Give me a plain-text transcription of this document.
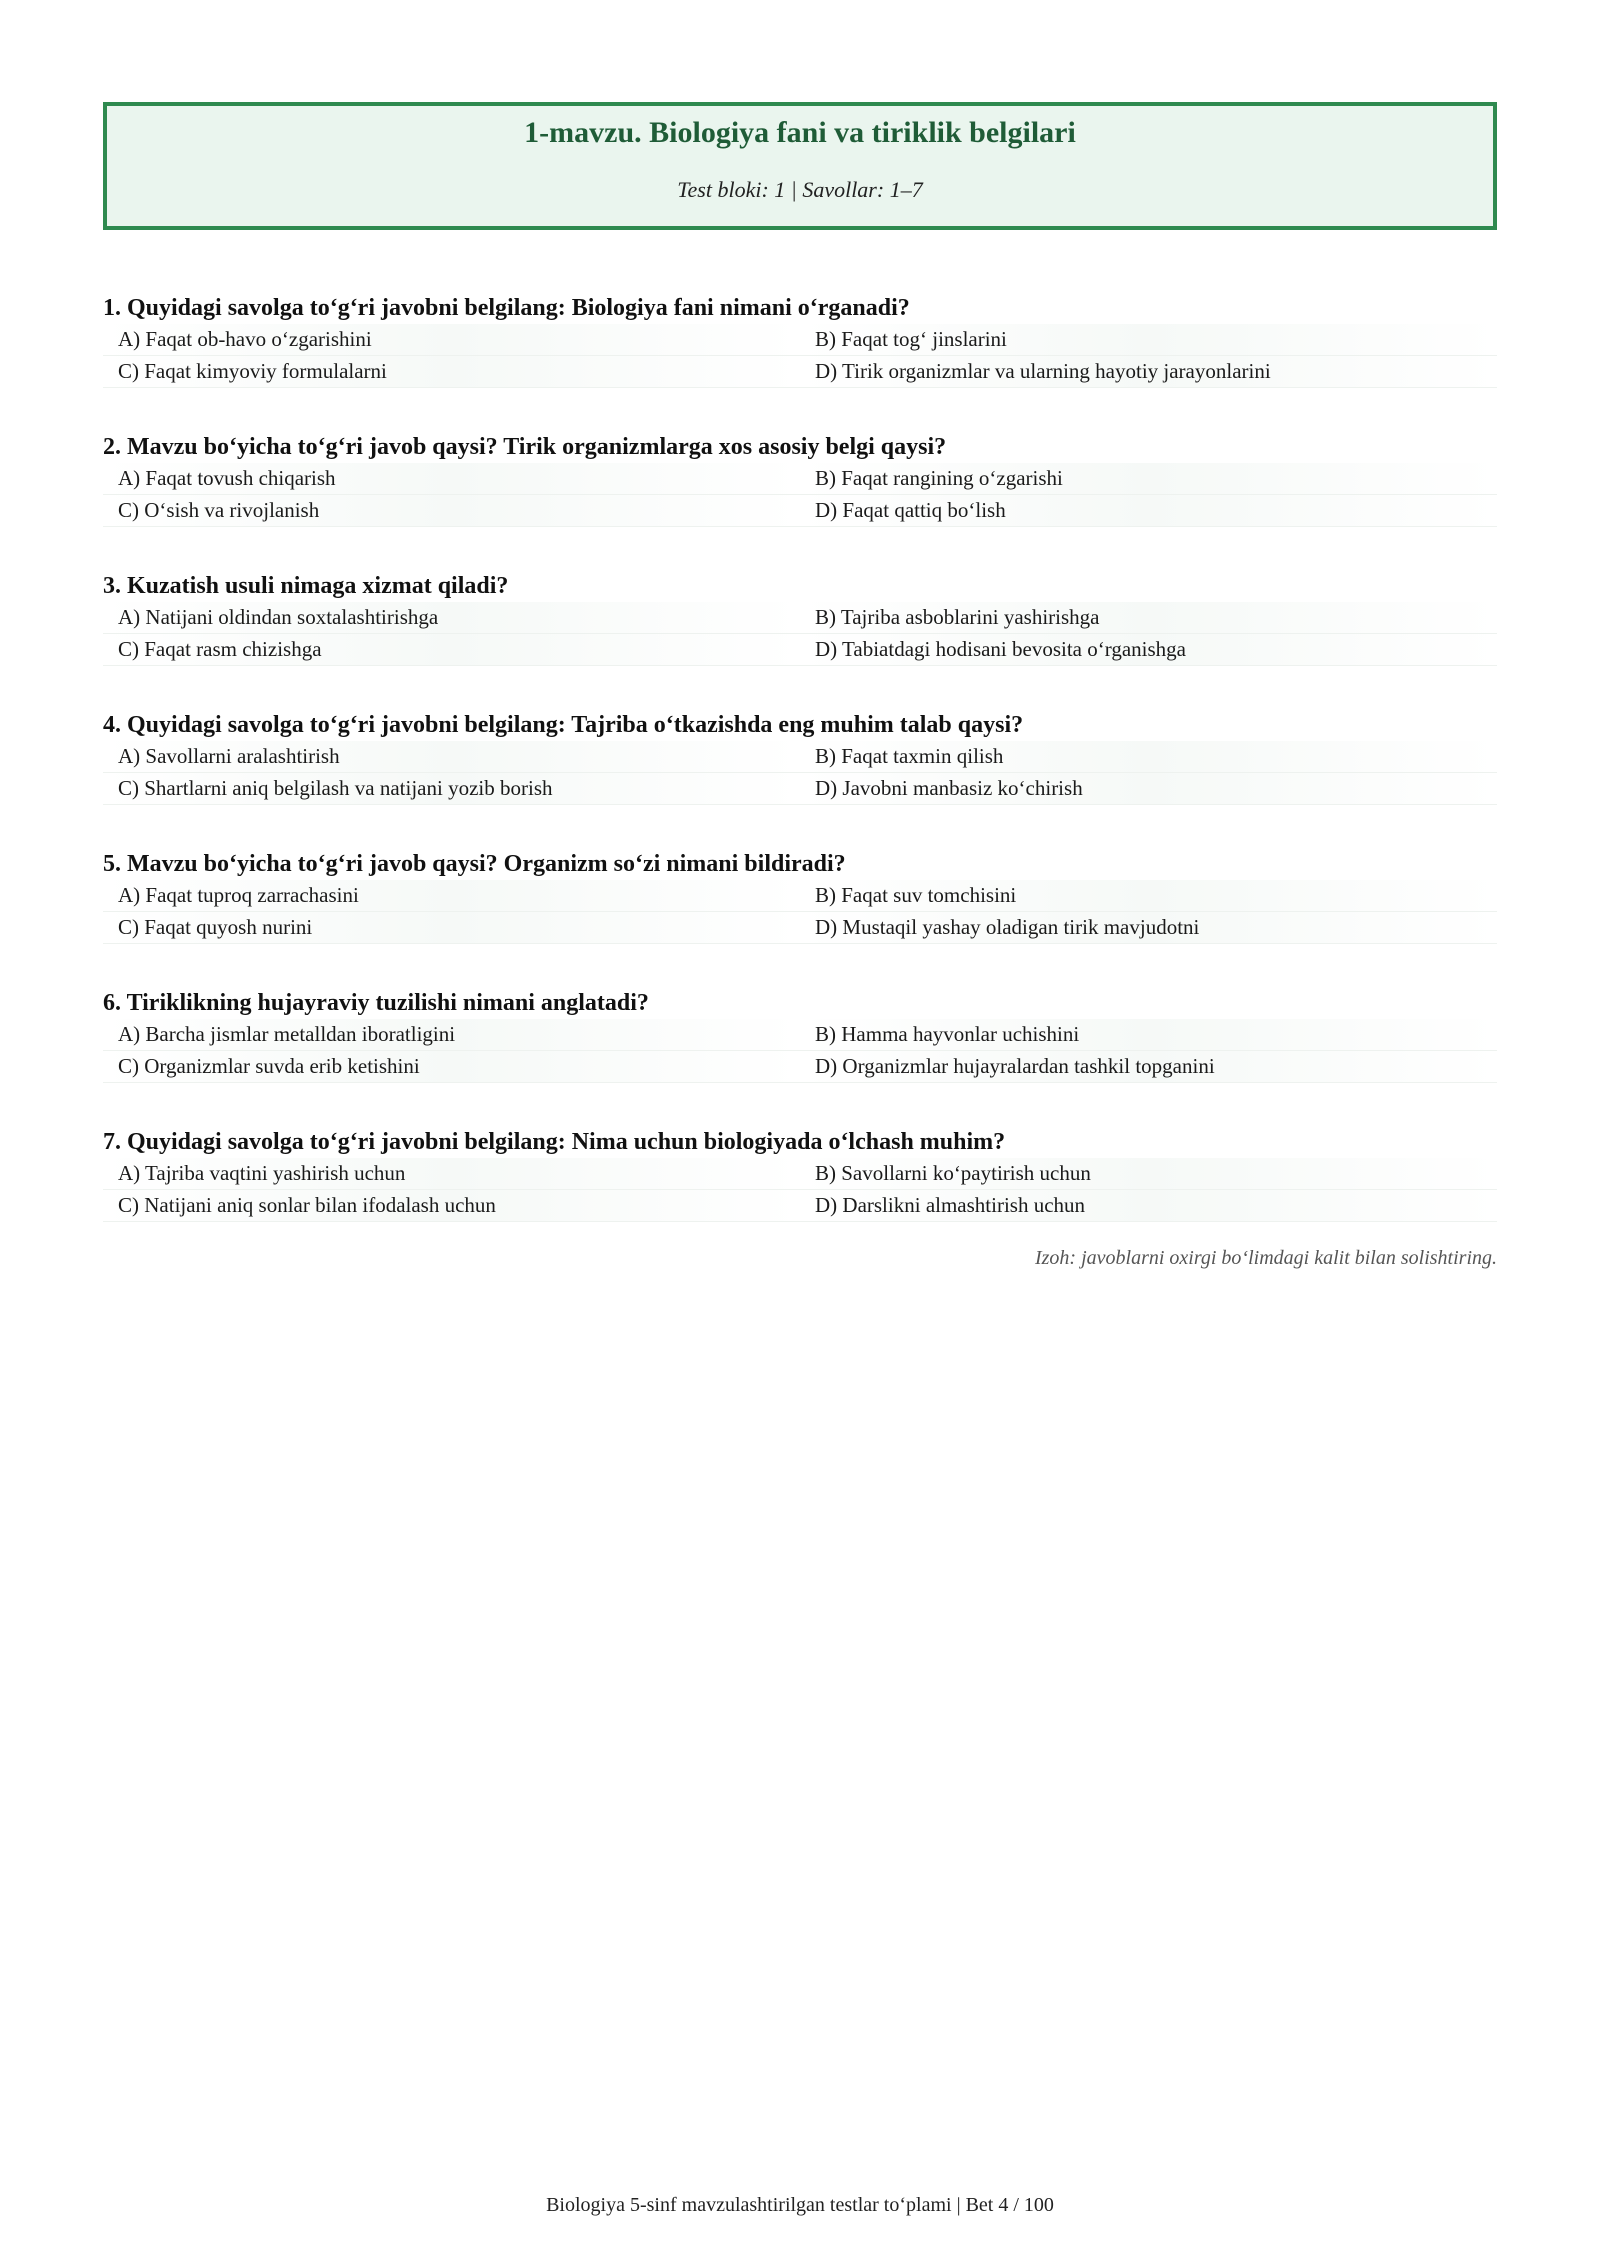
1-mavzu. Biologiya fani va tiriklik belgilari
Test bloki: 1 | Savollar: 1–7
1. Quyidagi savolga to‘g‘ri javobni belgilang: Biologiya fani nimani o‘rganadi?
A) Faqat ob-havo o‘zgarishini	B) Faqat tog‘ jinslarini
C) Faqat kimyoviy formulalarni	D) Tirik organizmlar va ularning hayotiy jarayonlarini
2. Mavzu bo‘yicha to‘g‘ri javob qaysi? Tirik organizmlarga xos asosiy belgi qaysi?
A) Faqat tovush chiqarish	B) Faqat rangining o‘zgarishi
C) O‘sish va rivojlanish	D) Faqat qattiq bo‘lish
3. Kuzatish usuli nimaga xizmat qiladi?
A) Natijani oldindan soxtalashtirishga	B) Tajriba asboblarini yashirishga
C) Faqat rasm chizishga	D) Tabiatdagi hodisani bevosita o‘rganishga
4. Quyidagi savolga to‘g‘ri javobni belgilang: Tajriba o‘tkazishda eng muhim talab qaysi?
A) Savollarni aralashtirish	B) Faqat taxmin qilish
C) Shartlarni aniq belgilash va natijani yozib borish	D) Javobni manbasiz ko‘chirish
5. Mavzu bo‘yicha to‘g‘ri javob qaysi? Organizm so‘zi nimani bildiradi?
A) Faqat tuproq zarrachasini	B) Faqat suv tomchisini
C) Faqat quyosh nurini	D) Mustaqil yashay oladigan tirik mavjudotni
6. Tiriklikning hujayraviy tuzilishi nimani anglatadi?
A) Barcha jismlar metalldan iboratligini	B) Hamma hayvonlar uchishini
C) Organizmlar suvda erib ketishini	D) Organizmlar hujayralardan tashkil topganini
7. Quyidagi savolga to‘g‘ri javobni belgilang: Nima uchun biologiyada o‘lchash muhim?
A) Tajriba vaqtini yashirish uchun	B) Savollarni ko‘paytirish uchun
C) Natijani aniq sonlar bilan ifodalash uchun	D) Darslikni almashtirish uchun
Izoh: javoblarni oxirgi bo‘limdagi kalit bilan solishtiring.
Biologiya 5-sinf mavzulashtirilgan testlar to‘plami | Bet 4 / 100
